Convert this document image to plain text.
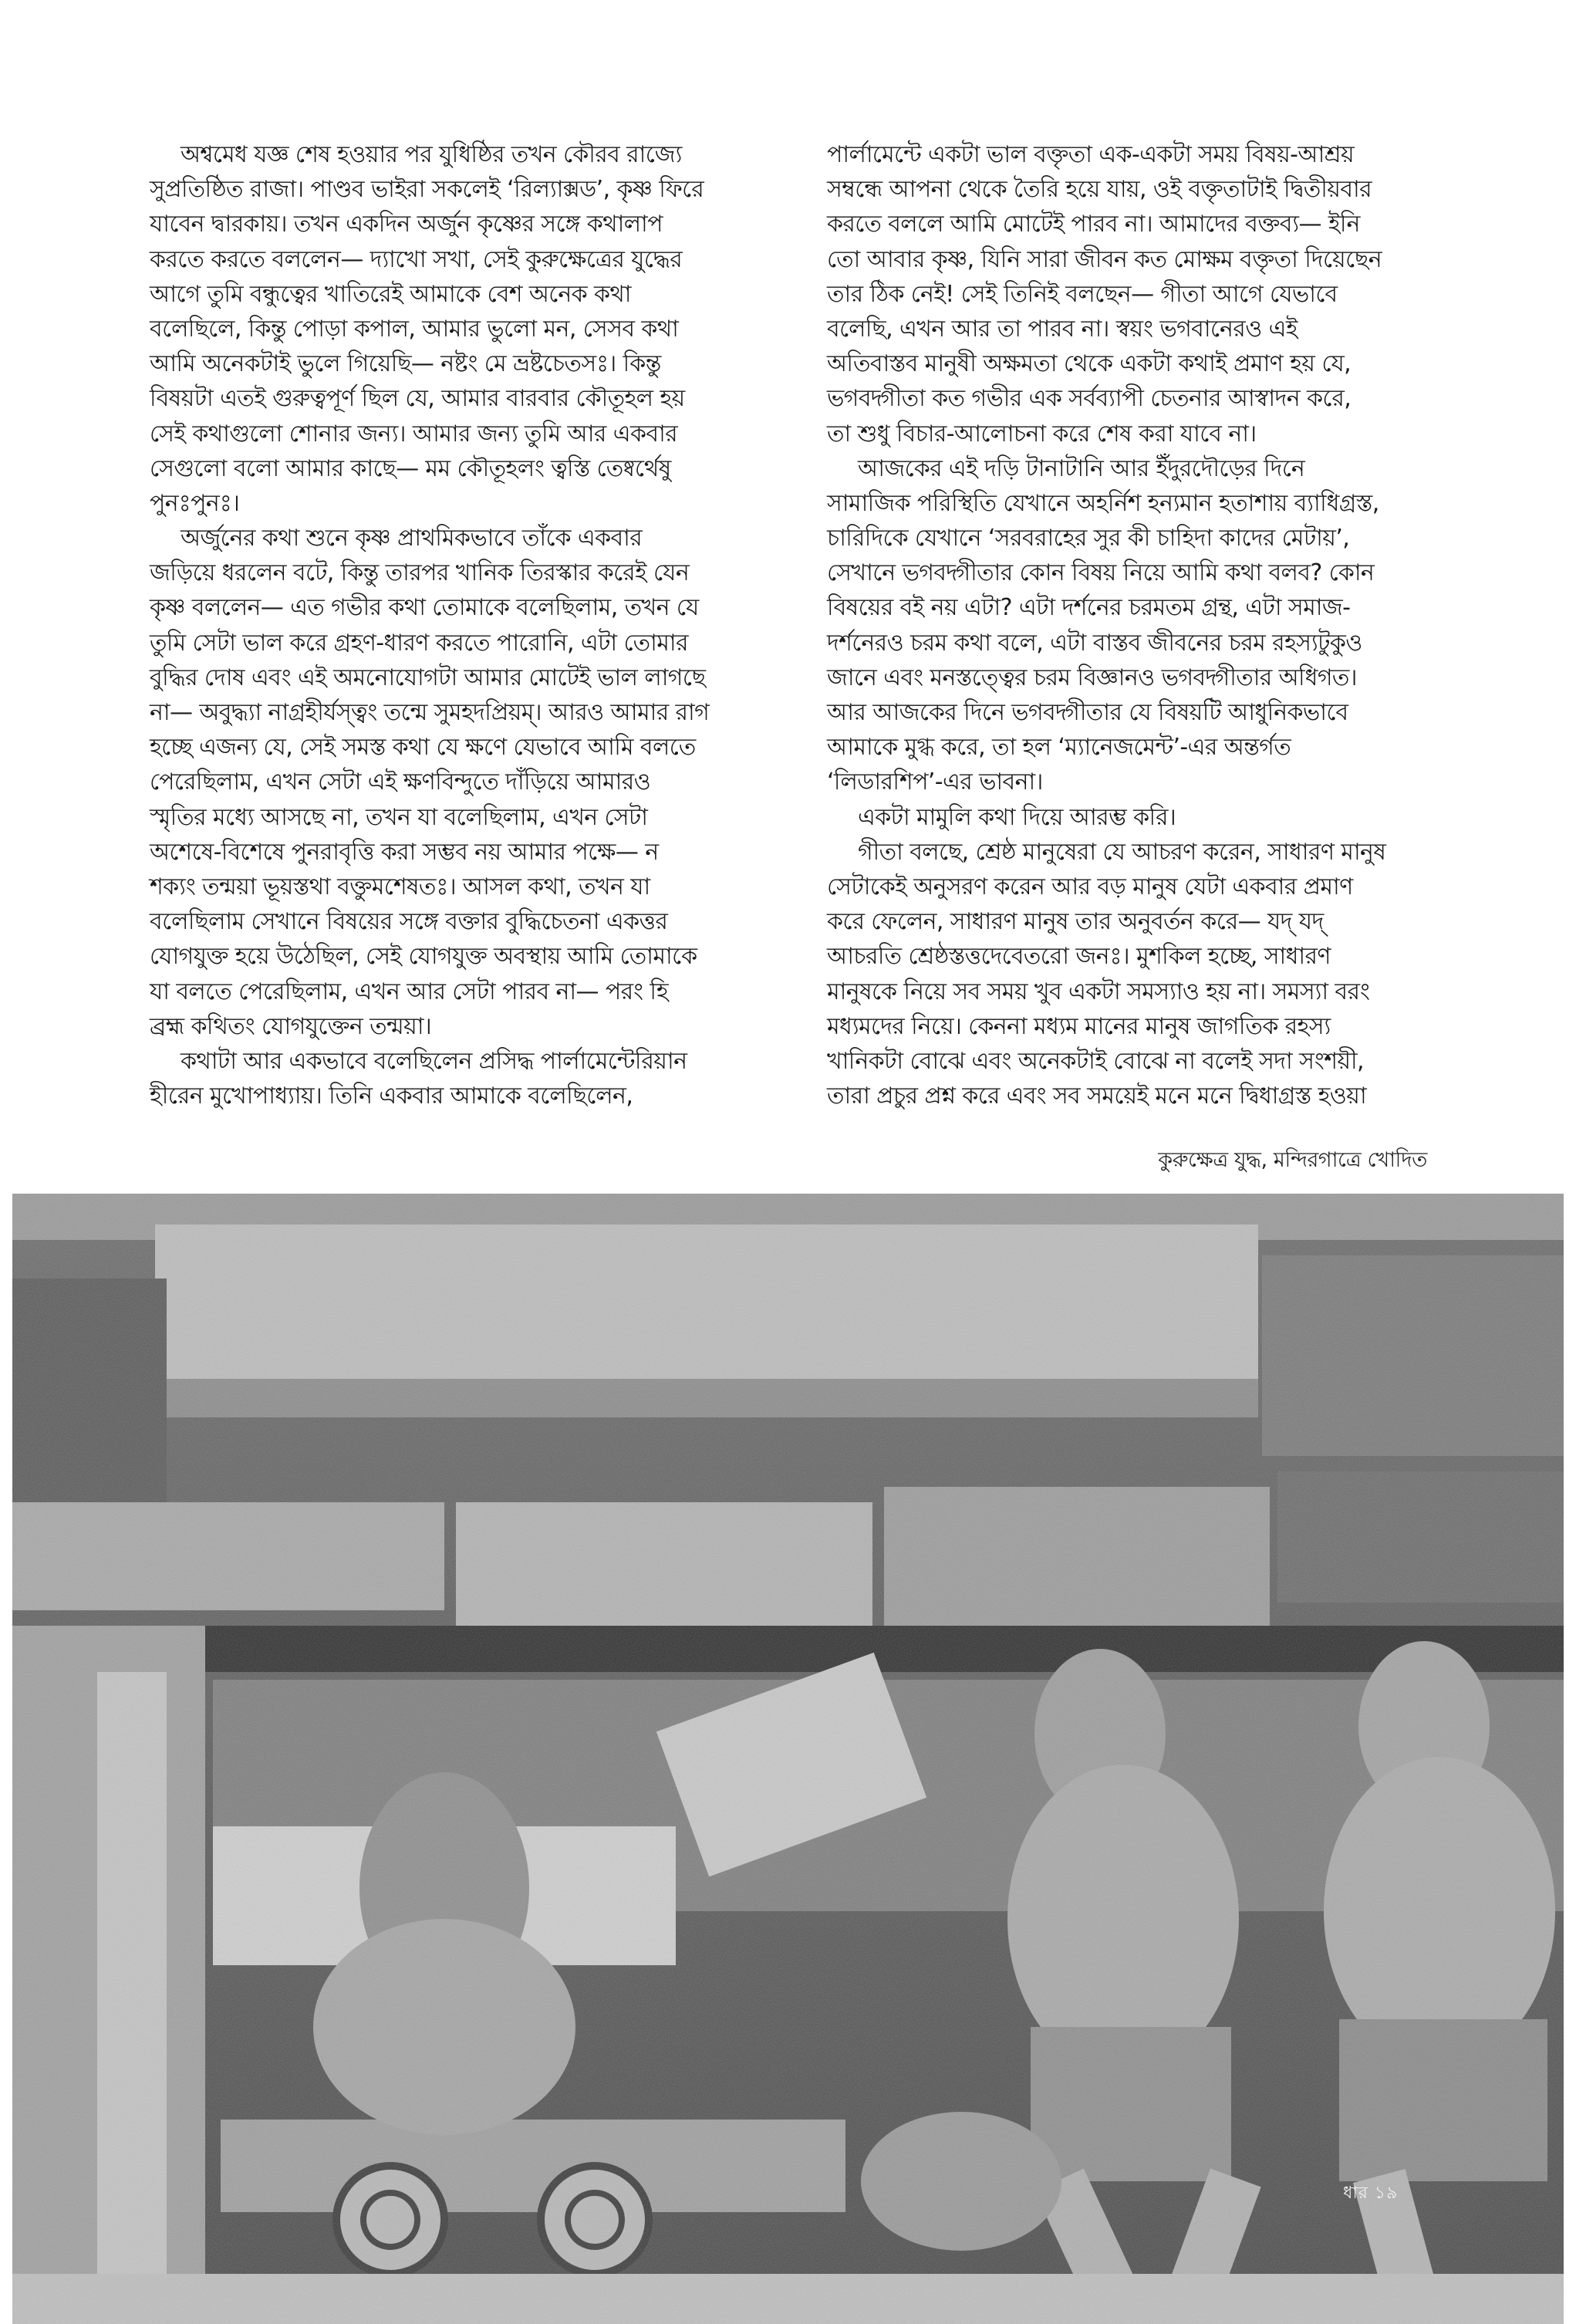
অশ্বমেধ যজ্ঞ শেষ হওয়ার পর যুধিষ্ঠির তখন কৌরব রাজ্যে
সুপ্রতিষ্ঠিত রাজা। পাণ্ডব ভাইরা সকলেই ‘রিল্যাক্সড’, কৃষ্ণ ফিরে
যাবেন দ্বারকায়। তখন একদিন অর্জুন কৃষ্ণের সঙ্গে কথালাপ
করতে করতে বললেন— দ্যাখো সখা, সেই কুরুক্ষেত্রের যুদ্ধের
আগে তুমি বন্ধুত্বের খাতিরেই আমাকে বেশ অনেক কথা
বলেছিলে, কিন্তু পোড়া কপাল, আমার ভুলো মন, সেসব কথা
আমি অনেকটাই ভুলে গিয়েছি— নষ্টং মে ভ্রষ্টচেতসঃ। কিন্তু
বিষয়টা এতই গুরুত্বপূর্ণ ছিল যে, আমার বারবার কৌতূহল হয়
সেই কথাগুলো শোনার জন্য। আমার জন্য তুমি আর একবার
সেগুলো বলো আমার কাছে— মম কৌতূহলং ত্বস্তি তেষ্বর্থেষু
পুনঃপুনঃ।
অর্জুনের কথা শুনে কৃষ্ণ প্রাথমিকভাবে তাঁকে একবার
জড়িয়ে ধরলেন বটে, কিন্তু তারপর খানিক তিরস্কার করেই যেন
কৃষ্ণ বললেন— এত গভীর কথা তোমাকে বলেছিলাম, তখন যে
তুমি সেটা ভাল করে গ্রহণ-ধারণ করতে পারোনি, এটা তোমার
বুদ্ধির দোষ এবং এই অমনোযোগটা আমার মোটেই ভাল লাগছে
না— অবুদ্ধ্যা নাগ্রহীর্যস্ত্বং তন্মে সুমহদপ্রিয়ম্। আরও আমার রাগ
হচ্ছে এজন্য যে, সেই সমস্ত কথা যে ক্ষণে যেভাবে আমি বলতে
পেরেছিলাম, এখন সেটা এই ক্ষণবিন্দুতে দাঁড়িয়ে আমারও
স্মৃতির মধ্যে আসছে না, তখন যা বলেছিলাম, এখন সেটা
অশেষে-বিশেষে পুনরাবৃত্তি করা সম্ভব নয় আমার পক্ষে— ন
শক্যং তন্ময়া ভূয়স্তথা বক্তুমশেষতঃ। আসল কথা, তখন যা
বলেছিলাম সেখানে বিষয়ের সঙ্গে বক্তার বুদ্ধিচেতনা একত্তর
যোগযুক্ত হয়ে উঠেছিল, সেই যোগযুক্ত অবস্থায় আমি তোমাকে
যা বলতে পেরেছিলাম, এখন আর সেটা পারব না— পরং হি
ব্রহ্ম কথিতং যোগযুক্তেন তন্ময়া।
কথাটা আর একভাবে বলেছিলেন প্রসিদ্ধ পার্লামেন্টেরিয়ান
হীরেন মুখোপাধ্যায়। তিনি একবার আমাকে বলেছিলেন,
পার্লামেন্টে একটা ভাল বক্তৃতা এক-একটা সময় বিষয়-আশ্রয়
সম্বন্ধে আপনা থেকে তৈরি হয়ে যায়, ওই বক্তৃতাটাই দ্বিতীয়বার
করতে বললে আমি মোটেই পারব না। আমাদের বক্তব্য— ইনি
তো আবার কৃষ্ণ, যিনি সারা জীবন কত মোক্ষম বক্তৃতা দিয়েছেন
তার ঠিক নেই! সেই তিনিই বলছেন— গীতা আগে যেভাবে
বলেছি, এখন আর তা পারব না। স্বয়ং ভগবানেরও এই
অতিবাস্তব মানুষী অক্ষমতা থেকে একটা কথাই প্রমাণ হয় যে,
ভগবদ্গীতা কত গভীর এক সর্বব্যাপী চেতনার আস্বাদন করে,
তা শুধু বিচার-আলোচনা করে শেষ করা যাবে না।
আজকের এই দড়ি টানাটানি আর ইঁদুরদৌড়ের দিনে
সামাজিক পরিস্থিতি যেখানে অহর্নিশ হন্যমান হতাশায় ব্যাধিগ্রস্ত,
চারিদিকে যেখানে ‘সরবরাহের সুর কী চাহিদা কাদের মেটায়’,
সেখানে ভগবদ্গীতার কোন বিষয় নিয়ে আমি কথা বলব? কোন
বিষয়ের বই নয় এটা? এটা দর্শনের চরমতম গ্রন্থ, এটা সমাজ-
দর্শনেরও চরম কথা বলে, এটা বাস্তব জীবনের চরম রহস্যটুকুও
জানে এবং মনস্তত্ত্বের চরম বিজ্ঞানও ভগবদ্গীতার অধিগত।
আর আজকের দিনে ভগবদ্গীতার যে বিষয়টি আধুনিকভাবে
আমাকে মুগ্ধ করে, তা হল ‘ম্যানেজমেন্ট’-এর অন্তর্গত
‘লিডারশিপ’-এর ভাবনা।
একটা মামুলি কথা দিয়ে আরম্ভ করি।
গীতা বলছে, শ্রেষ্ঠ মানুষেরা যে আচরণ করেন, সাধারণ মানুষ
সেটাকেই অনুসরণ করেন আর বড় মানুষ যেটা একবার প্রমাণ
করে ফেলেন, সাধারণ মানুষ তার অনুবর্তন করে— যদ্ যদ্
আচরতি শ্রেষ্ঠস্তত্তদেবেতরো জনঃ। মুশকিল হচ্ছে, সাধারণ
মানুষকে নিয়ে সব সময় খুব একটা সমস্যাও হয় না। সমস্যা বরং
মধ্যমদের নিয়ে। কেননা মধ্যম মানের মানুষ জাগতিক রহস্য
খানিকটা বোঝে এবং অনেকটাই বোঝে না বলেই সদা সংশয়ী,
তারা প্রচুর প্রশ্ন করে এবং সব সময়েই মনে মনে দ্বিধাগ্রস্ত হওয়া
কুরুক্ষেত্র যুদ্ধ, মন্দিরগাত্রে খোদিত
ধার ১৯
